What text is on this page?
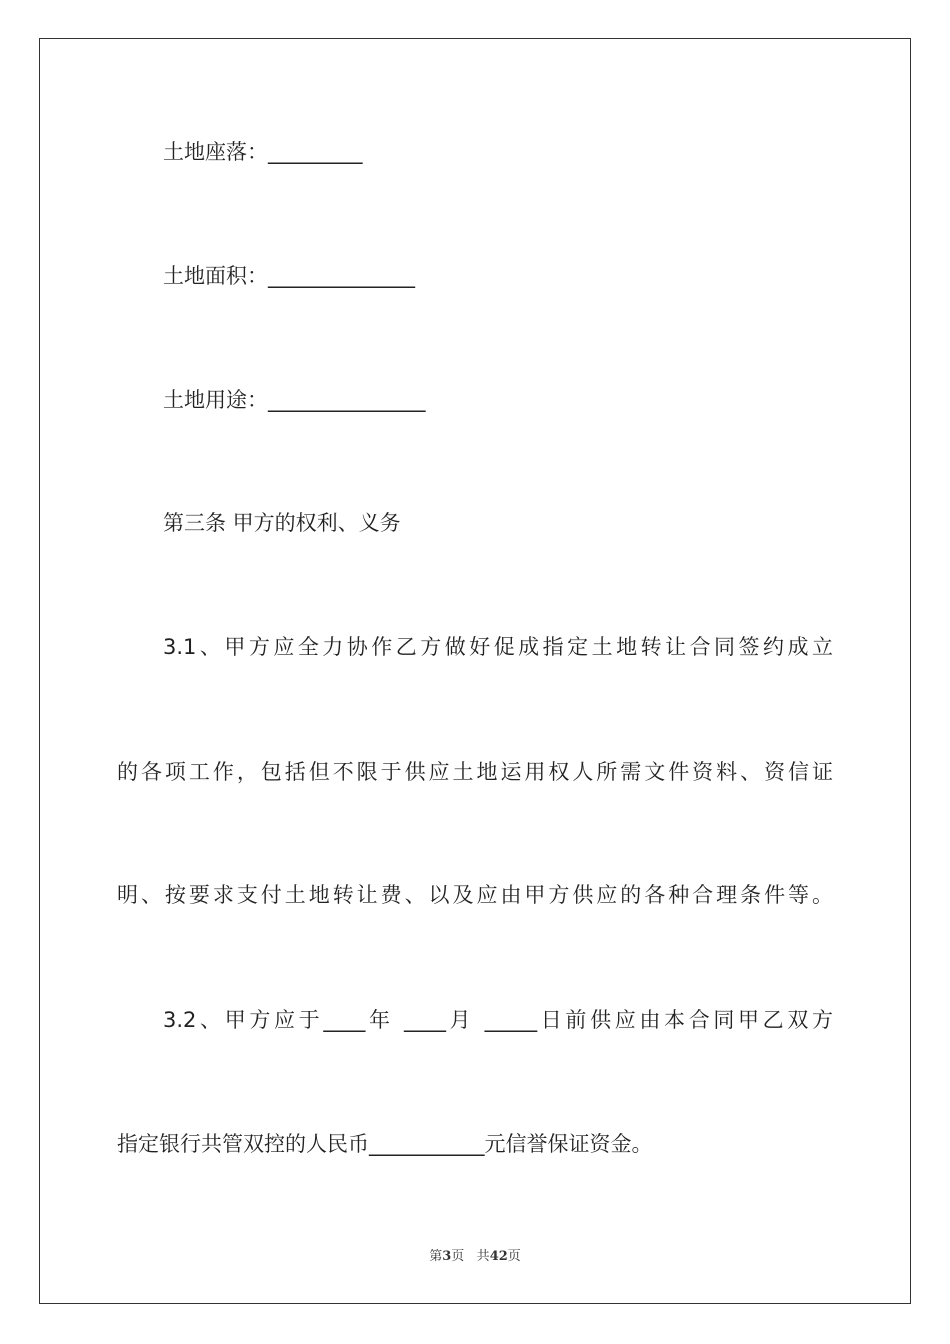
土地座落：_________
土地面积：______________
土地用途：_______________
第三条 甲方的权利、义务
3.1、甲方应全力协作乙方做好促成指定土地转让合同签约成立
的各项工作，包括但不限于供应土地运用权人所需文件资料、资信证
明、按要求支付土地转让费、以及应由甲方供应的各种合理条件等。
3.2、甲方应于____年 ____月 _____日前供应由本合同甲乙双方
指定银行共管双控的人民币___________元信誉保证资金。
第3页 共42页
